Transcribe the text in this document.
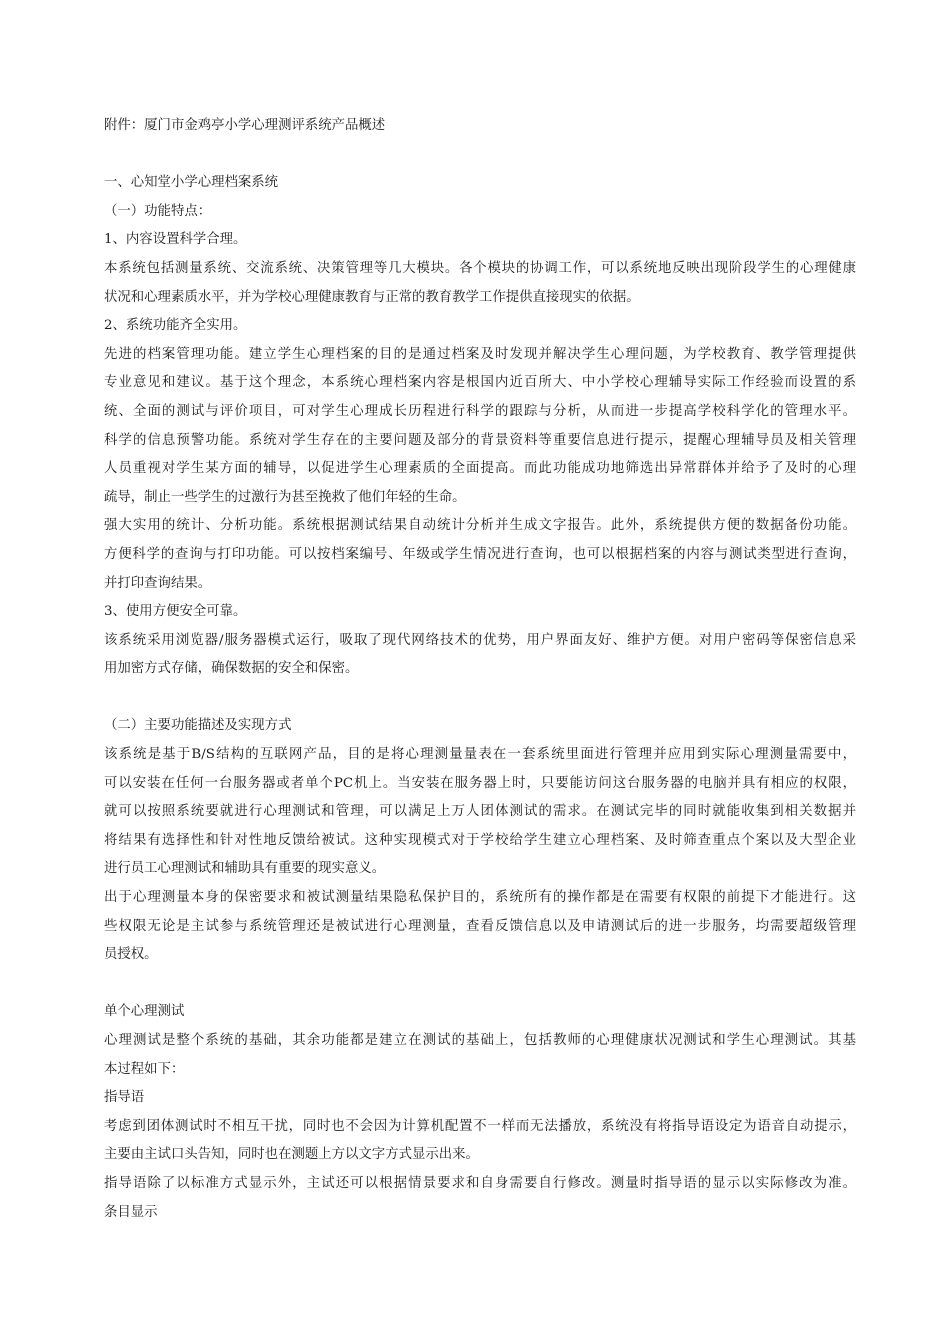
附件：厦门市金鸡亭小学心理测评系统产品概述
一、心知堂小学心理档案系统
（一）功能特点：
1、内容设置科学合理。
本系统包括测量系统、交流系统、决策管理等几大模块。各个模块的协调工作，可以系统地反映出现阶段学生的心理健康
状况和心理素质水平，并为学校心理健康教育与正常的教育教学工作提供直接现实的依据。
2、系统功能齐全实用。
先进的档案管理功能。建立学生心理档案的目的是通过档案及时发现并解决学生心理问题，为学校教育、教学管理提供
专业意见和建议。基于这个理念，本系统心理档案内容是根国内近百所大、中小学校心理辅导实际工作经验而设置的系
统、全面的测试与评价项目，可对学生心理成长历程进行科学的跟踪与分析，从而进一步提高学校科学化的管理水平。
科学的信息预警功能。系统对学生存在的主要问题及部分的背景资料等重要信息进行提示，提醒心理辅导员及相关管理
人员重视对学生某方面的辅导，以促进学生心理素质的全面提高。而此功能成功地筛选出异常群体并给予了及时的心理
疏导，制止一些学生的过激行为甚至挽救了他们年轻的生命。
强大实用的统计、分析功能。系统根据测试结果自动统计分析并生成文字报告。此外，系统提供方便的数据备份功能。
方便科学的查询与打印功能。可以按档案编号、年级或学生情况进行查询，也可以根据档案的内容与测试类型进行查询，
并打印查询结果。
3、使用方便安全可靠。
该系统采用浏览器/服务器模式运行，吸取了现代网络技术的优势，用户界面友好、维护方便。对用户密码等保密信息采
用加密方式存储，确保数据的安全和保密。
（二）主要功能描述及实现方式
该系统是基于B/S结构的互联网产品，目的是将心理测量量表在一套系统里面进行管理并应用到实际心理测量需要中，
可以安装在任何一台服务器或者单个PC机上。当安装在服务器上时，只要能访问这台服务器的电脑并具有相应的权限，
就可以按照系统要就进行心理测试和管理，可以满足上万人团体测试的需求。在测试完毕的同时就能收集到相关数据并
将结果有选择性和针对性地反馈给被试。这种实现模式对于学校给学生建立心理档案、及时筛查重点个案以及大型企业
进行员工心理测试和辅助具有重要的现实意义。
出于心理测量本身的保密要求和被试测量结果隐私保护目的，系统所有的操作都是在需要有权限的前提下才能进行。这
些权限无论是主试参与系统管理还是被试进行心理测量，查看反馈信息以及申请测试后的进一步服务，均需要超级管理
员授权。
单个心理测试
心理测试是整个系统的基础，其余功能都是建立在测试的基础上，包括教师的心理健康状况测试和学生心理测试。其基
本过程如下：
指导语
考虑到团体测试时不相互干扰，同时也不会因为计算机配置不一样而无法播放，系统没有将指导语设定为语音自动提示，
主要由主试口头告知，同时也在测题上方以文字方式显示出来。
指导语除了以标准方式显示外，主试还可以根据情景要求和自身需要自行修改。测量时指导语的显示以实际修改为准。
条目显示
